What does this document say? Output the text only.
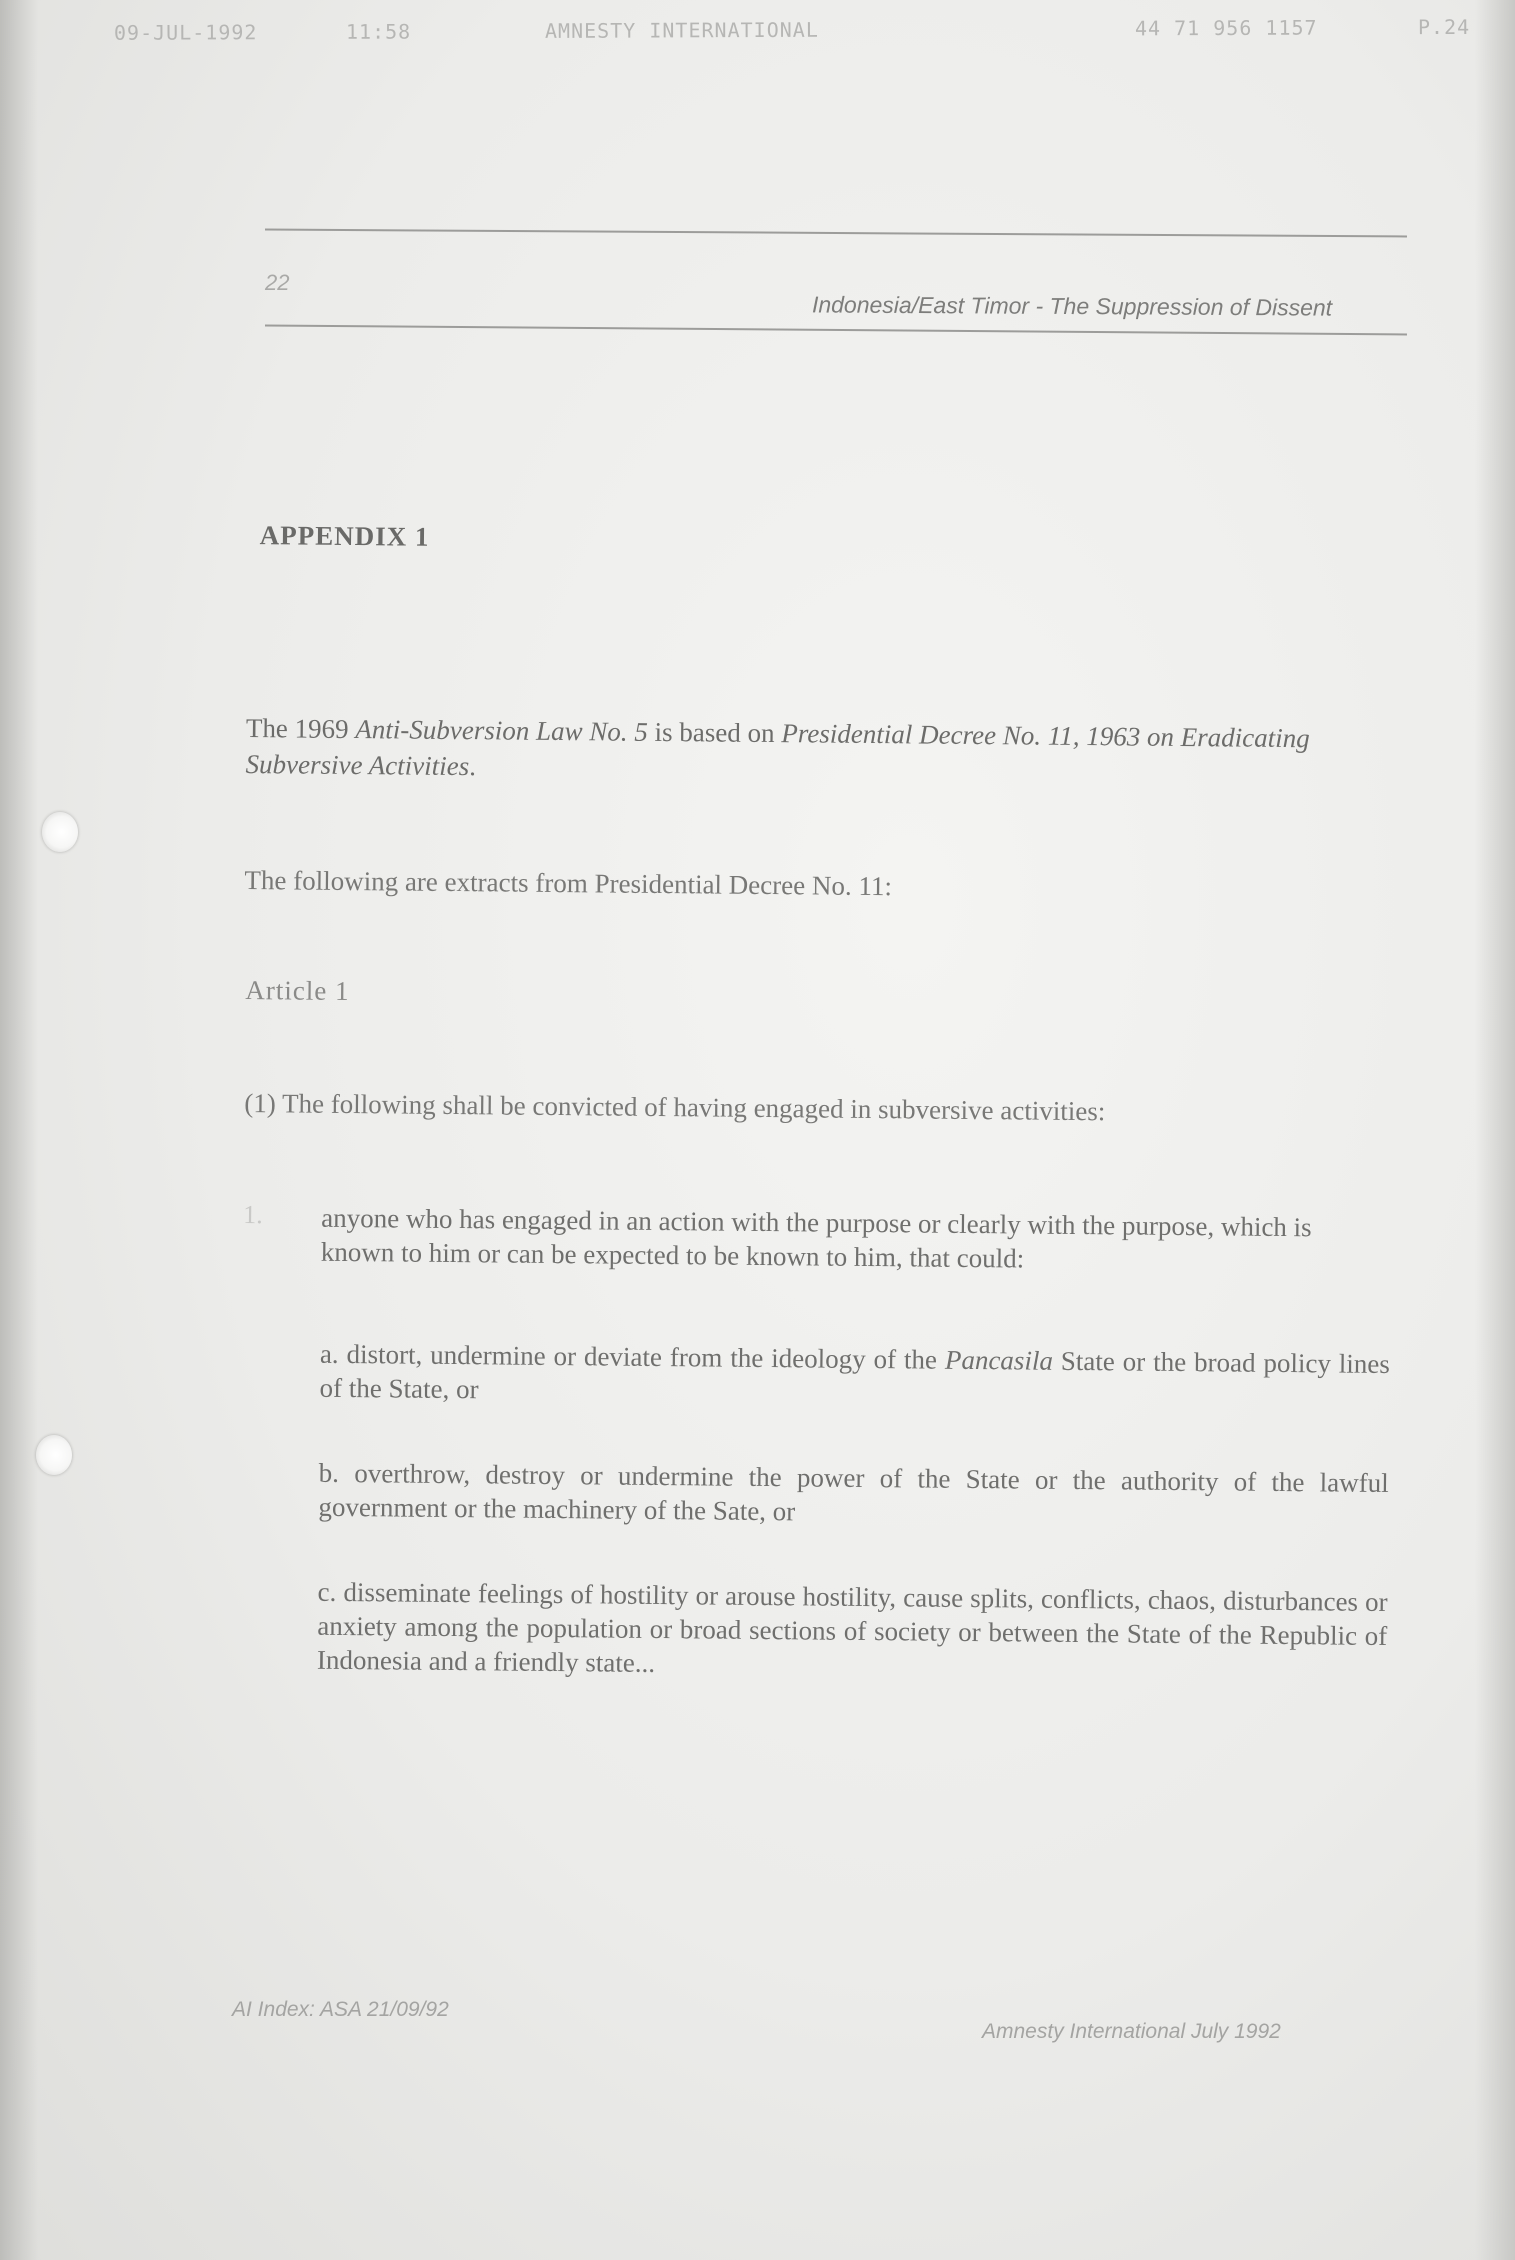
09-JUL-1992	11:58	AMNESTY INTERNATIONAL	44 71 956 1157	P.24
22
Indonesia/East Timor - The Suppression of Dissent
APPENDIX 1
The 1969 Anti-Subversion Law No. 5 is based on Presidential Decree No. 11, 1963 on Eradicating Subversive Activities.
The following are extracts from Presidential Decree No. 11:
Article 1
(1) The following shall be convicted of having engaged in subversive activities:
1. anyone who has engaged in an action with the purpose or clearly with the purpose, which is known to him or can be expected to be known to him, that could:
a. distort, undermine or deviate from the ideology of the Pancasila State or the broad policy lines of the State, or
b. overthrow, destroy or undermine the power of the State or the authority of the lawful government or the machinery of the Sate, or
c. disseminate feelings of hostility or arouse hostility, cause splits, conflicts, chaos, disturbances or anxiety among the population or broad sections of society or between the State of the Republic of Indonesia and a friendly state...
AI Index: ASA 21/09/92
Amnesty International July 1992
